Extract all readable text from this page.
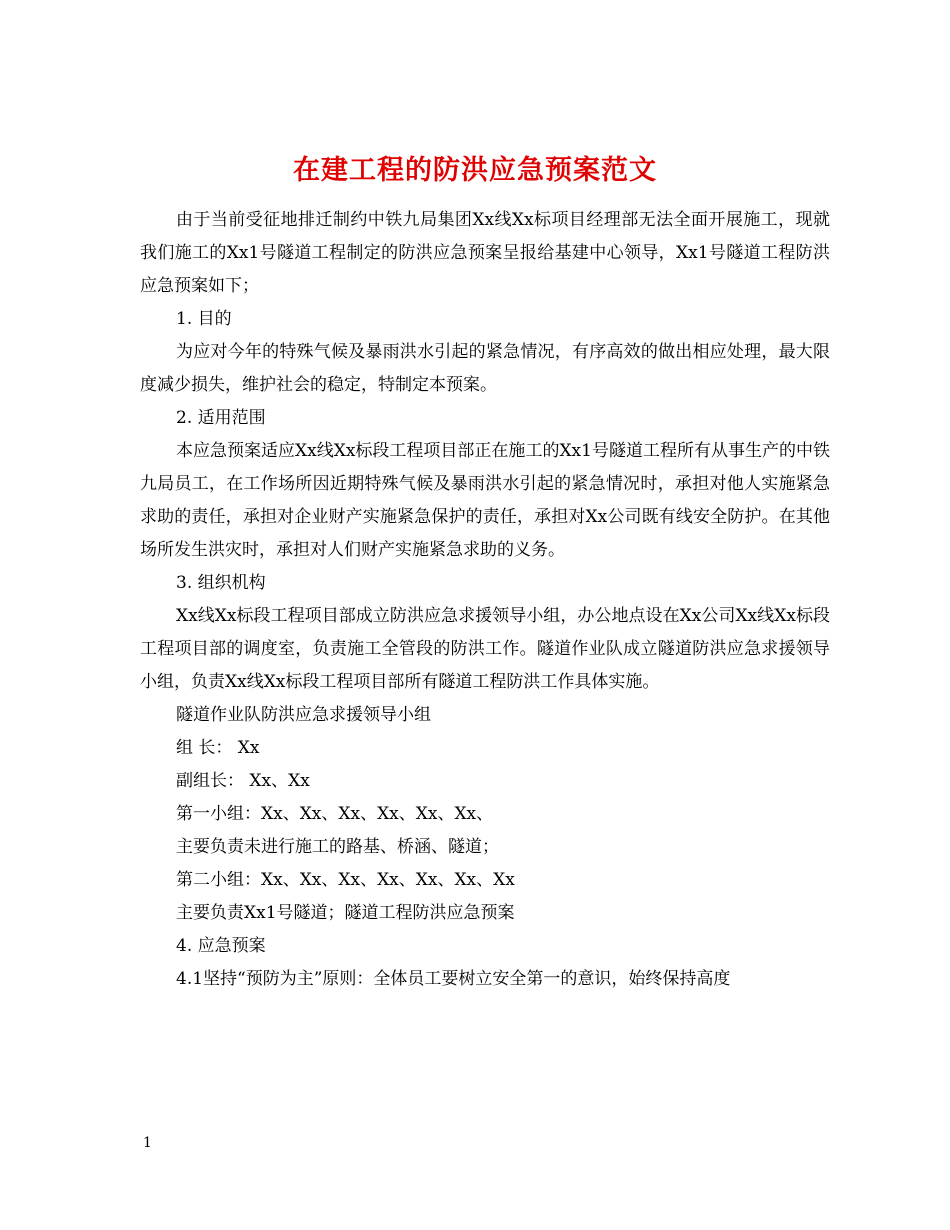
在建工程的防洪应急预案范文

由于当前受征地排迁制约中铁九局集团Xx线Xx标项目经理部无法全面开展施工，现就我们施工的Xx1号隧道工程制定的防洪应急预案呈报给基建中心领导，Xx1号隧道工程防洪应急预案如下；

1. 目的

为应对今年的特殊气候及暴雨洪水引起的紧急情况，有序高效的做出相应处理，最大限度减少损失，维护社会的稳定，特制定本预案。

2. 适用范围

本应急预案适应Xx线Xx标段工程项目部正在施工的Xx1号隧道工程所有从事生产的中铁九局员工，在工作场所因近期特殊气候及暴雨洪水引起的紧急情况时，承担对他人实施紧急求助的责任，承担对企业财产实施紧急保护的责任，承担对Xx公司既有线安全防护。在其他场所发生洪灾时，承担对人们财产实施紧急求助的义务。

3. 组织机构

Xx线Xx标段工程项目部成立防洪应急求援领导小组，办公地点设在Xx公司Xx线Xx标段工程项目部的调度室，负责施工全管段的防洪工作。隧道作业队成立隧道防洪应急求援领导小组，负责Xx线Xx标段工程项目部所有隧道工程防洪工作具体实施。

隧道作业队防洪应急求援领导小组

组 长： Xx

副组长： Xx、Xx

第一小组：Xx、Xx、Xx、Xx、Xx、Xx、

主要负责未进行施工的路基、桥涵、隧道；

第二小组：Xx、Xx、Xx、Xx、Xx、Xx、Xx

主要负责Xx1号隧道；隧道工程防洪应急预案

4. 应急预案

4.1坚持“预防为主”原则：全体员工要树立安全第一的意识，始终保持高度

1
